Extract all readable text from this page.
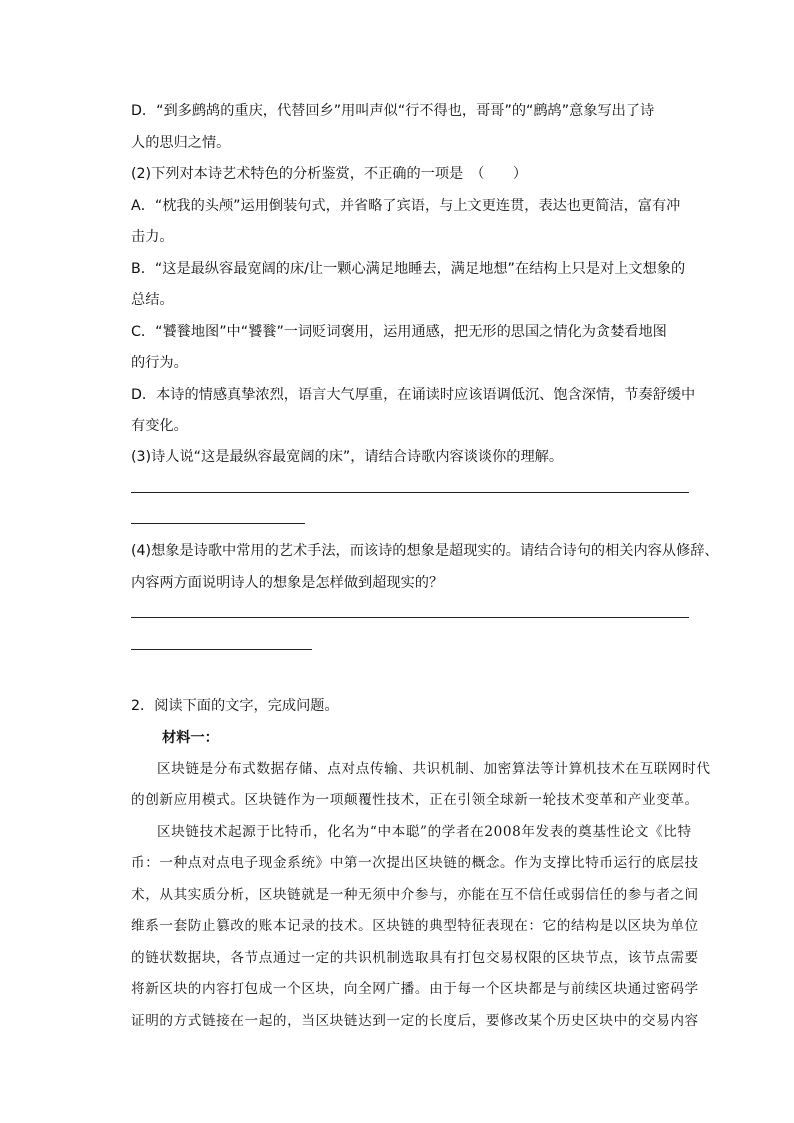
D．“到多鹧鸪的重庆，代替回乡”用叫声似“行不得也，哥哥”的“鹧鸪”意象写出了诗
人的思归之情。
(2)下列对本诗艺术特色的分析鉴赏，不正确的一项是　（　　）
A．“枕我的头颅”运用倒装句式，并省略了宾语，与上文更连贯，表达也更简洁，富有冲
击力。
B．“这是最纵容最宽阔的床/让一颗心满足地睡去，满足地想”在结构上只是对上文想象的
总结。
C．“饕餮地图”中“饕餮”一词贬词褒用，运用通感，把无形的思国之情化为贪婪看地图
的行为。
D．本诗的情感真挚浓烈，语言大气厚重，在诵读时应该语调低沉、饱含深情，节奏舒缓中
有变化。
(3)诗人说“这是最纵容最宽阔的床”，请结合诗歌内容谈谈你的理解。
(4)想象是诗歌中常用的艺术手法，而该诗的想象是超现实的。请结合诗句的相关内容从修辞、
内容两方面说明诗人的想象是怎样做到超现实的？
2．阅读下面的文字，完成问题。
材料一：
区块链是分布式数据存储、点对点传输、共识机制、加密算法等计算机技术在互联网时代
的创新应用模式。区块链作为一项颠覆性技术，正在引领全球新一轮技术变革和产业变革。
区块链技术起源于比特币，化名为“中本聪”的学者在2008年发表的奠基性论文《比特
币：一种点对点电子现金系统》中第一次提出区块链的概念。作为支撑比特币运行的底层技
术，从其实质分析，区块链就是一种无须中介参与，亦能在互不信任或弱信任的参与者之间
维系一套防止篡改的账本记录的技术。区块链的典型特征表现在：它的结构是以区块为单位
的链状数据块，各节点通过一定的共识机制选取具有打包交易权限的区块节点，该节点需要
将新区块的内容打包成一个区块，向全网广播。由于每一个区块都是与前续区块通过密码学
证明的方式链接在一起的，当区块链达到一定的长度后，要修改某个历史区块中的交易内容
